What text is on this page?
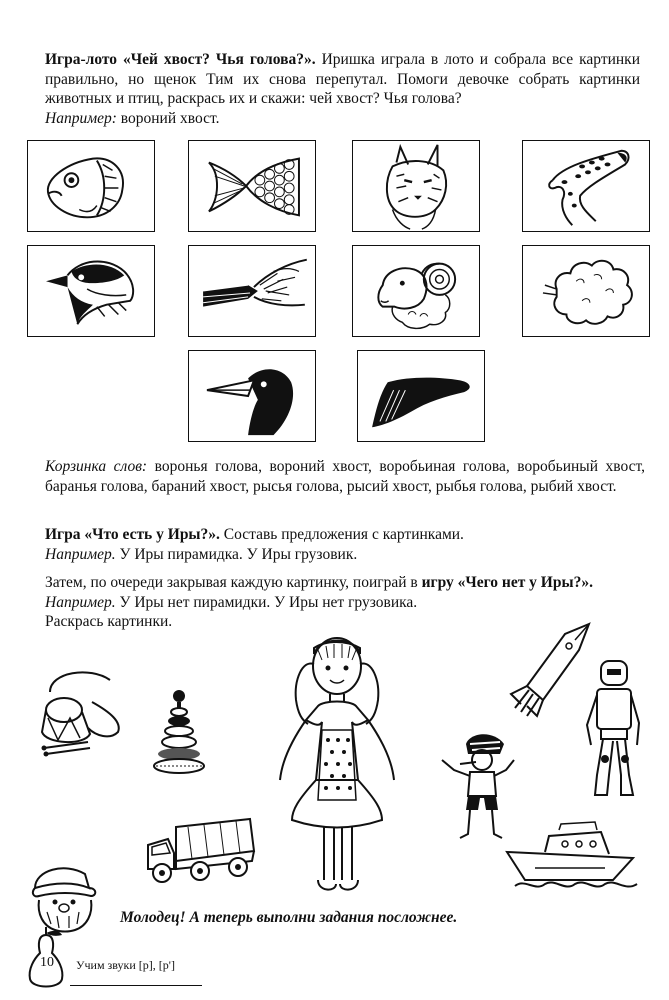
Игра-лото «Чей хвост? Чья голова?». Иришка играла в лото и собрала все картинки правильно, но щенок Тим их снова перепутал. Помоги девочке собрать картинки животных и птиц, раскрась их и скажи: чей хвост? Чья голова?

Например: вороний хвост.

Корзинка слов: воронья голова, вороний хвост, воробьиная голова, воробьиный хвост, баранья голова, бараний хвост, рысья голова, рысий хвост, рыбья голова, рыбий хвост.

Игра «Что есть у Иры?». Составь предложения с картинками.

Например. У Иры пирамидка. У Иры грузовик.

Затем, по очереди закрывая каждую картинку, поиграй в игру «Чего нет у Иры?».

Например. У Иры нет пирамидки. У Иры нет грузовика.

Раскрась картинки.

Молодец! А теперь выполни задания посложнее.
10	Учим звуки [р], [р']
